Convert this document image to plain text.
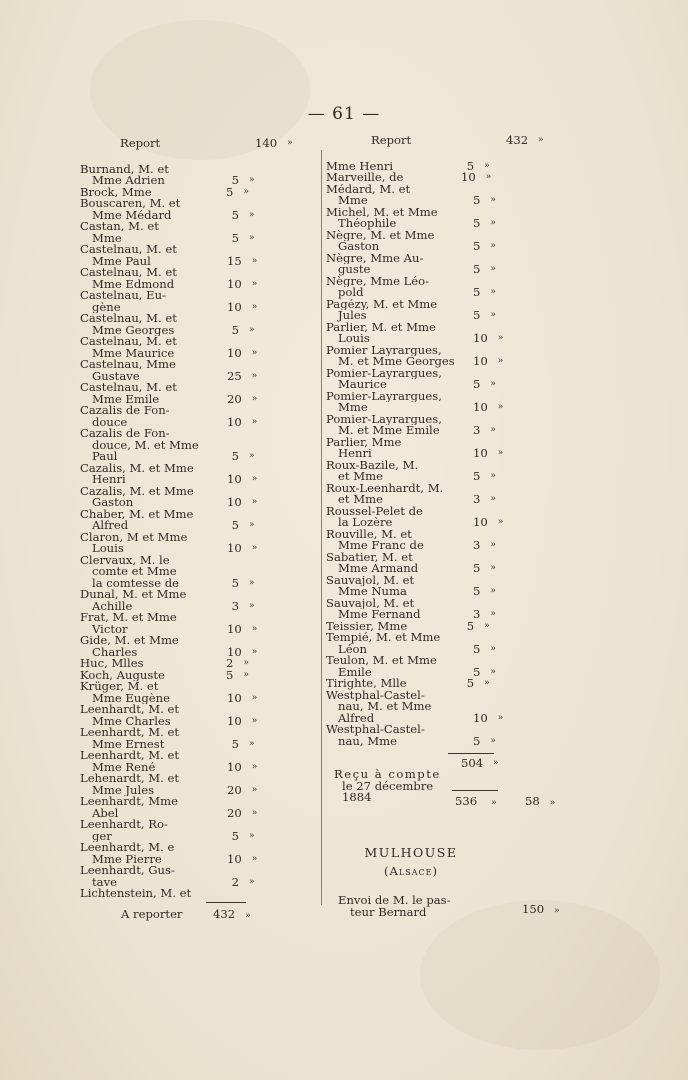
— 61 —
Report	140	»
Burnand, M. et
Mme Adrien	5	»
Brock, Mme	5	»
Bouscaren, M. et
Mme Médard	5	»
Castan, M. et
Mme	5	»
Castelnau, M. et
Mme Paul	15	»
Castelnau, M. et
Mme Edmond	10	»
Castelnau, Eu-
gène	10	»
Castelnau, M. et
Mme Georges	5	»
Castelnau, M. et
Mme Maurice	10	»
Castelnau, Mme
Gustave	25	»
Castelnau, M. et
Mme Emile	20	»
Cazalis de Fon-
douce	10	»
Cazalis de Fon-
douce, M. et Mme
Paul	5	»
Cazalis, M. et Mme
Henri	10	»
Cazalis, M. et Mme
Gaston	10	»
Chaber, M. et Mme
Alfred	5	»
Claron, M et Mme
Louis	10	»
Clervaux, M. le
comte et Mme
la comtesse de	5	»
Dunal, M. et Mme
Achille	3	»
Frat, M. et Mme
Victor	10	»
Gide, M. et Mme
Charles	10	»
Huc, Mlles	2	»
Koch, Auguste	5	»
Krüger, M. et
Mme Eugène	10	»
Leenhardt, M. et
Mme Charles	10	»
Leenhardt, M. et
Mme Ernest	5	»
Leenhardt, M. et
Mme René	10	»
Lehenardt, M. et
Mme Jules	20	»
Leenhardt, Mme
Abel	20	»
Leenhardt, Ro-
ger	5	»
Leenhardt, M. e
Mme Pierre	10	»
Leenhardt, Gus-
tave	2	»
Lichtenstein, M. et
A reporter	432 »
Report	432	»
Mme Henri	5	»
Marveille, de	10	»
Médard, M. et
Mme	5	»
Michel, M. et Mme
Théophile	5	»
Nègre, M. et Mme
Gaston	5	»
Nègre, Mme Au-
guste	5	»
Nègre, Mme Léo-
pold	5	»
Pagézy, M. et Mme
Jules	5	»
Parlier, M. et Mme
Louis	10	»
Pomier Layrargues,
M. et Mme Georges	10	»
Pomier-Layrargues,
Maurice	5	»
Pomier-Layrargues,
Mme	10	»
Pomier-Layrargues,
M. et Mme Emile	3	»
Parlier, Mme
Henri	10	»
Roux-Bazile, M.
et Mme	5	»
Roux-Leenhardt, M.
et Mme	3	»
Roussel-Pelet de
la Lozère	10	»
Rouville, M. et
Mme Franc de	3	»
Sabatier, M. et
Mme Armand	5	»
Sauvajol, M. et
Mme Numa	5	»
Sauvajol, M. et
Mme Fernand	3	»
Teissier, Mme	5	»
Tempié, M. et Mme
Léon	5	»
Teulon, M. et Mme
Emile	5	»
Tirighte, Mlle	5	»
Westphal-Castel-
nau, M. et Mme
Alfred	10	»
Westphal-Castel-
nau, Mme	5	»
504	»
Reçu à compte
le 27 décembre
1884	536 » 58 »
MULHOUSE
(Alsace)
Envoi de M. le pas-
teur Bernard	150 »
